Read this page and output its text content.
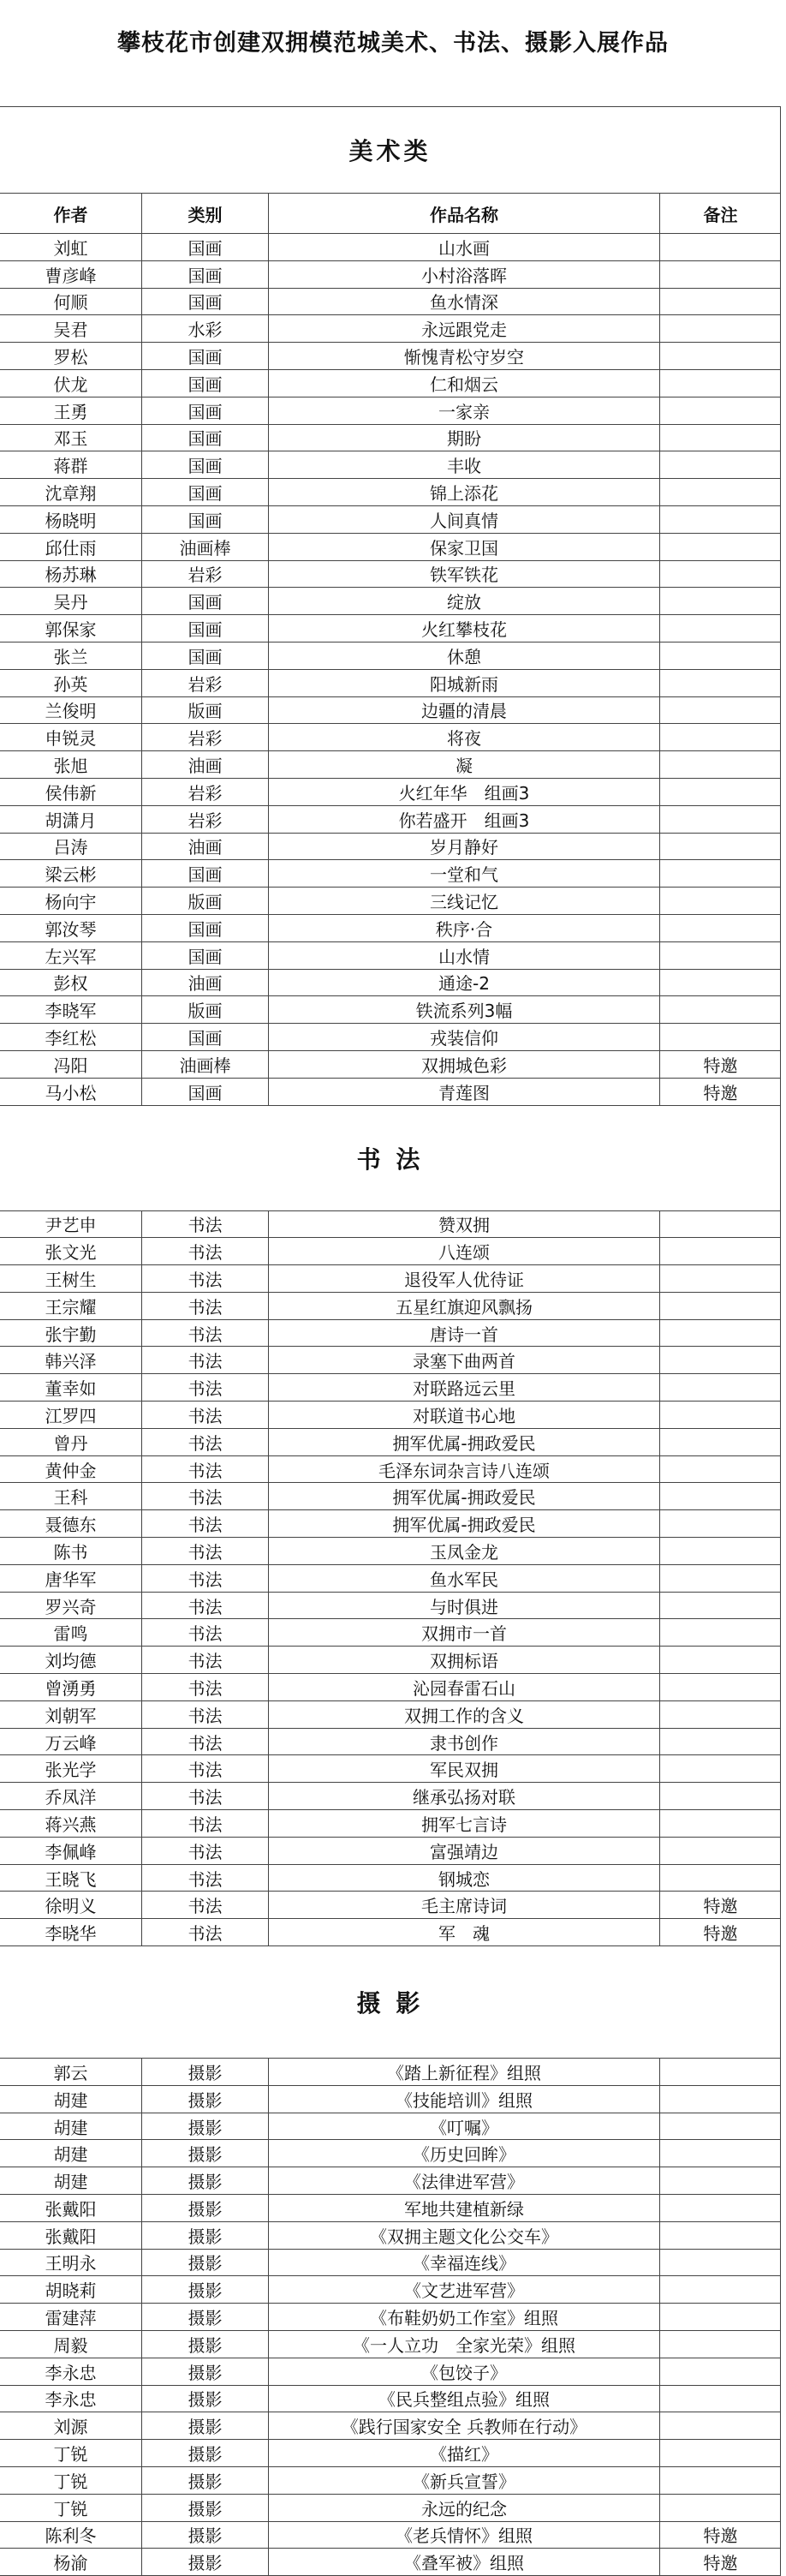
攀枝花市创建双拥模范城美术、书法、摄影入展作品
美术类
作者	类别	作品名称	备注
刘虹	国画	山水画
曹彦峰	国画	小村浴落晖
何顺	国画	鱼水情深
吴君	水彩	永远跟党走
罗松	国画	惭愧青松守岁空
伏龙	国画	仁和烟云
王勇	国画	一家亲
邓玉	国画	期盼
蒋群	国画	丰收
沈章翔	国画	锦上添花
杨晓明	国画	人间真情
邱仕雨	油画棒	保家卫国
杨苏琳	岩彩	铁军铁花
吴丹	国画	绽放
郭保家	国画	火红攀枝花
张兰	国画	休憩
孙英	岩彩	阳城新雨
兰俊明	版画	边疆的清晨
申锐灵	岩彩	将夜
张旭	油画	凝
侯伟新	岩彩	火红年华　组画3
胡潇月	岩彩	你若盛开　组画3
吕涛	油画	岁月静好
梁云彬	国画	一堂和气
杨向宇	版画	三线记忆
郭汝琴	国画	秩序·合
左兴军	国画	山水情
彭权	油画	通途-2
李晓军	版画	铁流系列3幅
李红松	国画	戎装信仰
冯阳	油画棒	双拥城色彩	特邀
马小松	国画	青莲图	特邀
书 法
尹艺申	书法	赞双拥
张文光	书法	八连颂
王树生	书法	退役军人优待证
王宗耀	书法	五星红旗迎风飘扬
张宇勤	书法	唐诗一首
韩兴泽	书法	录塞下曲两首
董幸如	书法	对联路远云里
江罗四	书法	对联道书心地
曾丹	书法	拥军优属-拥政爱民
黄仲金	书法	毛泽东词杂言诗八连颂
王科	书法	拥军优属-拥政爱民
聂德东	书法	拥军优属-拥政爱民
陈书	书法	玉凤金龙
唐华军	书法	鱼水军民
罗兴奇	书法	与时俱进
雷鸣	书法	双拥市一首
刘均德	书法	双拥标语
曾湧勇	书法	沁园春雷石山
刘朝军	书法	双拥工作的含义
万云峰	书法	隶书创作
张光学	书法	军民双拥
乔凤洋	书法	继承弘扬对联
蒋兴燕	书法	拥军七言诗
李佩峰	书法	富强靖边
王晓飞	书法	钢城恋
徐明义	书法	毛主席诗词	特邀
李晓华	书法	军　魂	特邀
摄 影
郭云	摄影	《踏上新征程》组照
胡建	摄影	《技能培训》组照
胡建	摄影	《叮嘱》
胡建	摄影	《历史回眸》
胡建	摄影	《法律进军营》
张戴阳	摄影	军地共建植新绿
张戴阳	摄影	《双拥主题文化公交车》
王明永	摄影	《幸福连线》
胡晓莉	摄影	《文艺进军营》
雷建萍	摄影	《布鞋奶奶工作室》组照
周毅	摄影	《一人立功　全家光荣》组照
李永忠	摄影	《包饺子》
李永忠	摄影	《民兵整组点验》组照
刘源	摄影	《践行国家安全 兵教师在行动》
丁锐	摄影	《描红》
丁锐	摄影	《新兵宣誓》
丁锐	摄影	永远的纪念
陈利冬	摄影	《老兵情怀》组照	特邀
杨渝	摄影	《叠军被》组照	特邀
